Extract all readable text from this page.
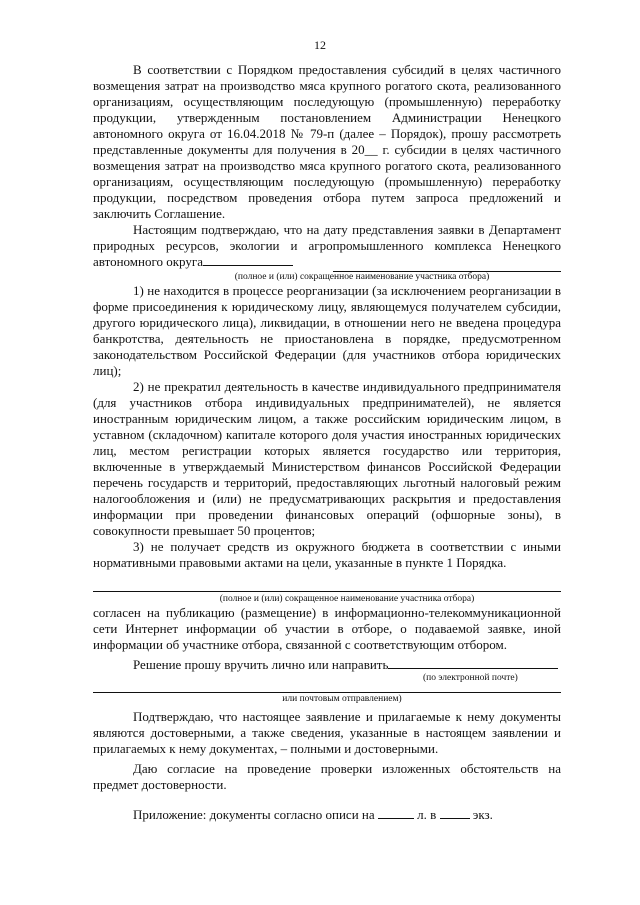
12

В соответствии с Порядком предоставления субсидий в целях частичного возмещения затрат на производство мяса крупного рогатого скота, реализованного организациям, осуществляющим последующую (промышленную) переработку продукции, утвержденным постановлением Администрации Ненецкого автономного округа от 16.04.2018 № 79-п (далее – Порядок), прошу рассмотреть представленные документы для получения в 20__ г. субсидии в целях частичного возмещения затрат на производство мяса крупного рогатого скота, реализованного организациям, осуществляющим последующую (промышленную) переработку продукции, посредством проведения отбора путем запроса предложений и заключить Соглашение.

Настоящим подтверждаю, что на дату представления заявки в Департамент природных ресурсов, экологии и агропромышленного комплекса Ненецкого автономного округа

(полное и (или) сокращенное наименование участника отбора)

1) не находится в процессе реорганизации (за исключением реорганизации в форме присоединения к юридическому лицу, являющемуся получателем субсидии, другого юридического лица), ликвидации, в отношении него не введена процедура банкротства, деятельность не приостановлена в порядке, предусмотренном законодательством Российской Федерации (для участников отбора юридических лиц);

2) не прекратил деятельность в качестве индивидуального предпринимателя (для участников отбора индивидуальных предпринимателей), не является иностранным юридическим лицом, а также российским юридическим лицом, в уставном (складочном) капитале которого доля участия иностранных юридических лиц, местом регистрации которых является государство или территория, включенные в утверждаемый Министерством финансов Российской Федерации перечень государств и территорий, предоставляющих льготный налоговый режим налогообложения и (или) не предусматривающих раскрытия и предоставления информации при проведении финансовых операций (офшорные зоны), в совокупности превышает 50 процентов;

3) не получает средств из окружного бюджета в соответствии с иными нормативными правовыми актами на цели, указанные в пункте 1 Порядка.

(полное и (или) сокращенное наименование участника отбора)

согласен на публикацию (размещение) в информационно-телекоммуникационной сети Интернет информации об участии в отборе, о подаваемой заявке, иной информации об участнике отбора, связанной с соответствующим отбором.

Решение прошу вручить лично или направить

(по электронной почте)
или почтовым отправлением)

Подтверждаю, что настоящее заявление и прилагаемые к нему документы являются достоверными, а также сведения, указанные в настоящем заявлении и прилагаемых к нему документах, – полными и достоверными.

Даю согласие на проведение проверки изложенных обстоятельств на предмет достоверности.

Приложение: документы согласно описи на	л. в	экз.
